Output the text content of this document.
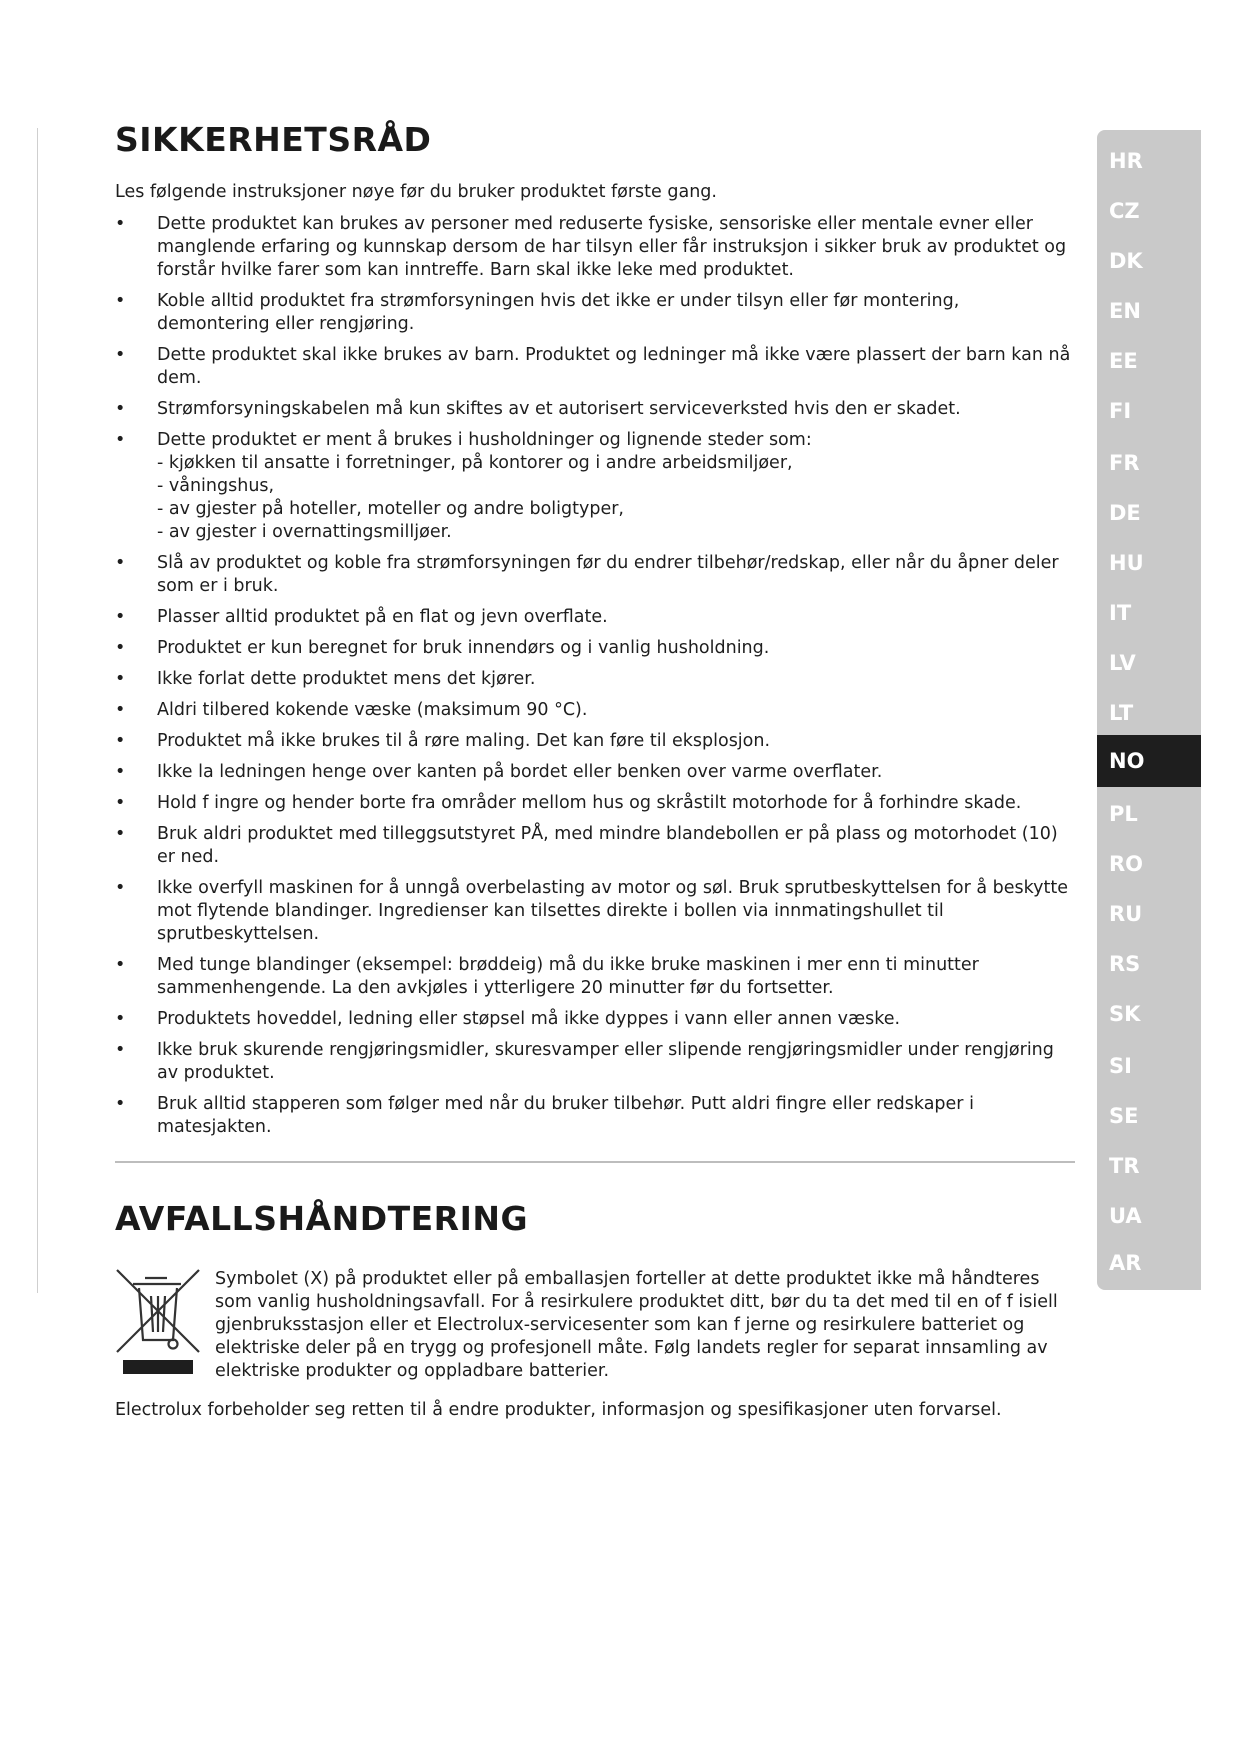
SIKKERHETSRÅD

Les følgende instruksjoner nøye før du bruker produktet første gang.

• Dette produktet kan brukes av personer med reduserte fysiske, sensoriske eller mentale evner eller manglende erfaring og kunnskap dersom de har tilsyn eller får instruksjon i sikker bruk av produktet og forstår hvilke farer som kan inntreffe. Barn skal ikke leke med produktet.
• Koble alltid produktet fra strømforsyningen hvis det ikke er under tilsyn eller før montering, demontering eller rengjøring.
• Dette produktet skal ikke brukes av barn. Produktet og ledninger må ikke være plassert der barn kan nå dem.
• Strømforsyningskabelen må kun skiftes av et autorisert serviceverksted hvis den er skadet.
• Dette produktet er ment å brukes i husholdninger og lignende steder som:
- kjøkken til ansatte i forretninger, på kontorer og i andre arbeidsmiljøer,
- våningshus,
- av gjester på hoteller, moteller og andre boligtyper,
- av gjester i overnattingsmilljøer.
• Slå av produktet og koble fra strømforsyningen før du endrer tilbehør/redskap, eller når du åpner deler som er i bruk.
• Plasser alltid produktet på en flat og jevn overflate.
• Produktet er kun beregnet for bruk innendørs og i vanlig husholdning.
• Ikke forlat dette produktet mens det kjører.
• Aldri tilbered kokende væske (maksimum 90 °C).
• Produktet må ikke brukes til å røre maling. Det kan føre til eksplosjon.
• Ikke la ledningen henge over kanten på bordet eller benken over varme overflater.
• Hold f ingre og hender borte fra områder mellom hus og skråstilt motorhode for å forhindre skade.
• Bruk aldri produktet med tilleggsutstyret PÅ, med mindre blandebollen er på plass og motorhodet (10) er ned.
• Ikke overfyll maskinen for å unngå overbelasting av motor og søl. Bruk sprutbeskyttelsen for å beskytte mot flytende blandinger. Ingredienser kan tilsettes direkte i bollen via innmatingshullet til sprutbeskyttelsen.
• Med tunge blandinger (eksempel: brøddeig) må du ikke bruke maskinen i mer enn ti minutter sammenhengende. La den avkjøles i ytterligere 20 minutter før du fortsetter.
• Produktets hoveddel, ledning eller støpsel må ikke dyppes i vann eller annen væske.
• Ikke bruk skurende rengjøringsmidler, skuresvamper eller slipende rengjøringsmidler under rengjøring av produktet.
• Bruk alltid stapperen som følger med når du bruker tilbehør. Putt aldri fingre eller redskaper i matesjakten.
AVFALLSHÅNDTERING

Symbolet (X) på produktet eller på emballasjen forteller at dette produktet ikke må håndteres som vanlig husholdningsavfall. For å resirkulere produktet ditt, bør du ta det med til en of f isiell gjenbruksstasjon eller et Electrolux-servicesenter som kan f jerne og resirkulere batteriet og elektriske deler på en trygg og profesjonell måte. Følg landets regler for separat innsamling av elektriske produkter og oppladbare batterier.

Electrolux forbeholder seg retten til å endre produkter, informasjon og spesifikasjoner uten forvarsel.

HR
CZ
DK
EN
EE
FI
FR
DE
HU
IT
LV
LT
NO
PL
RO
RU
RS
SK
SI
SE
TR
UA
AR
